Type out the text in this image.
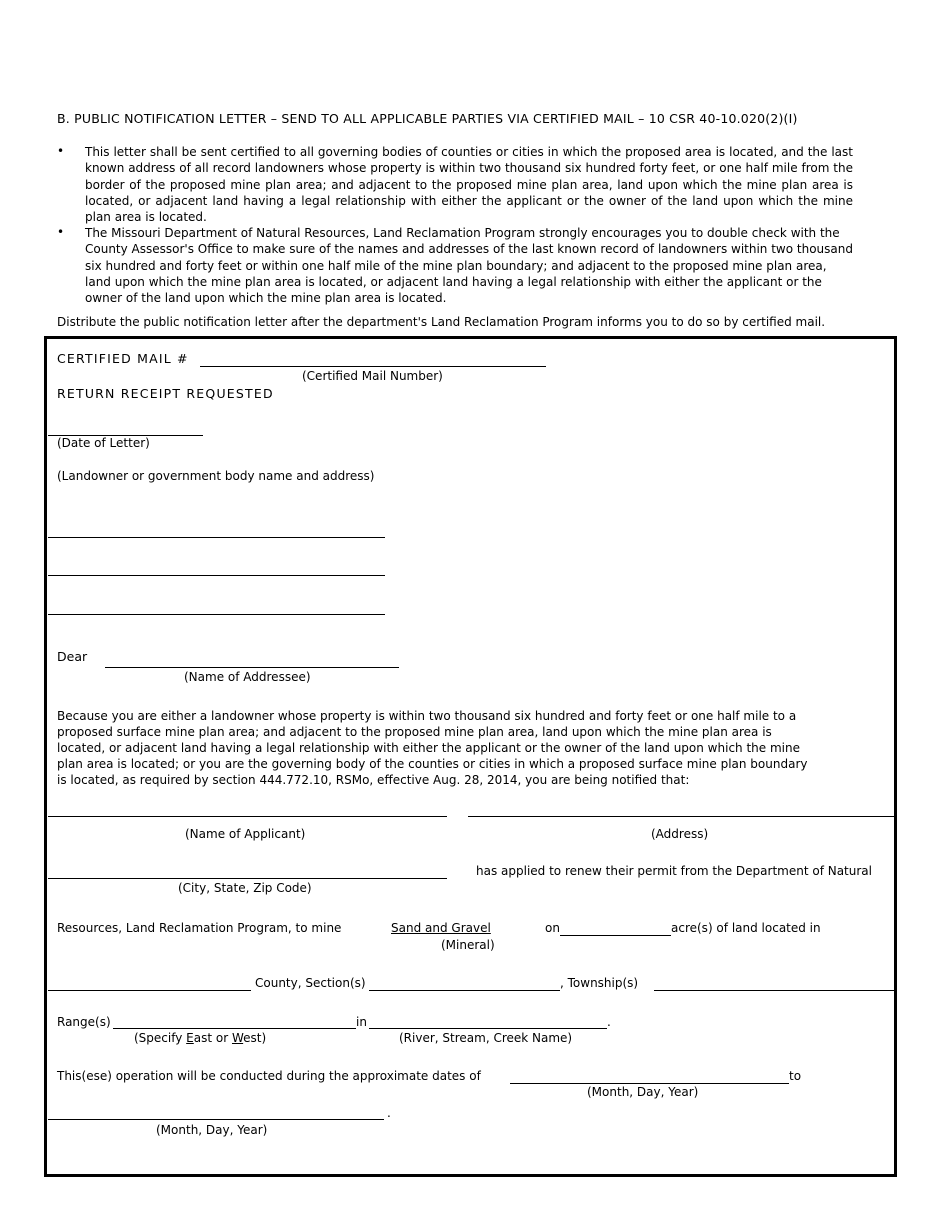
B. PUBLIC NOTIFICATION LETTER – SEND TO ALL APPLICABLE PARTIES VIA CERTIFIED MAIL – 10 CSR 40-10.020(2)(I)
• This letter shall be sent certified to all governing bodies of counties or cities in which the proposed area is located, and the last known address of all record landowners whose property is within two thousand six hundred forty feet, or one half mile from the border of the proposed mine plan area; and adjacent to the proposed mine plan area, land upon which the mine plan area is located, or adjacent land having a legal relationship with either the applicant or the owner of the land upon which the mine plan area is located.
• The Missouri Department of Natural Resources, Land Reclamation Program strongly encourages you to double check with the County Assessor's Office to make sure of the names and addresses of the last known record of landowners within two thousand six hundred and forty feet or within one half mile of the mine plan boundary; and adjacent to the proposed mine plan area, land upon which the mine plan area is located, or adjacent land having a legal relationship with either the applicant or the owner of the land upon which the mine plan area is located.
Distribute the public notification letter after the department's Land Reclamation Program informs you to do so by certified mail.
CERTIFIED MAIL #
(Certified Mail Number)
RETURN RECEIPT REQUESTED
(Date of Letter)
(Landowner or government body name and address)
Dear
(Name of Addressee)
Because you are either a landowner whose property is within two thousand six hundred and forty feet or one half mile to a
proposed surface mine plan area; and adjacent to the proposed mine plan area, land upon which the mine plan area is
located, or adjacent land having a legal relationship with either the applicant or the owner of the land upon which the mine
plan area is located; or you are the governing body of the counties or cities in which a proposed surface mine plan boundary
is located, as required by section 444.772.10, RSMo, effective Aug. 28, 2014, you are being notified that:
(Name of Applicant)	(Address)
has applied to renew their permit from the Department of Natural
(City, State, Zip Code)
Resources, Land Reclamation Program, to mine	Sand and Gravel	on	acre(s) of land located in
(Mineral)
County, Section(s)	, Township(s)
Range(s)	in	.
(Specify East or West)	(River, Stream, Creek Name)
This(ese) operation will be conducted during the approximate dates of	to
(Month, Day, Year)
.
(Month, Day, Year)
